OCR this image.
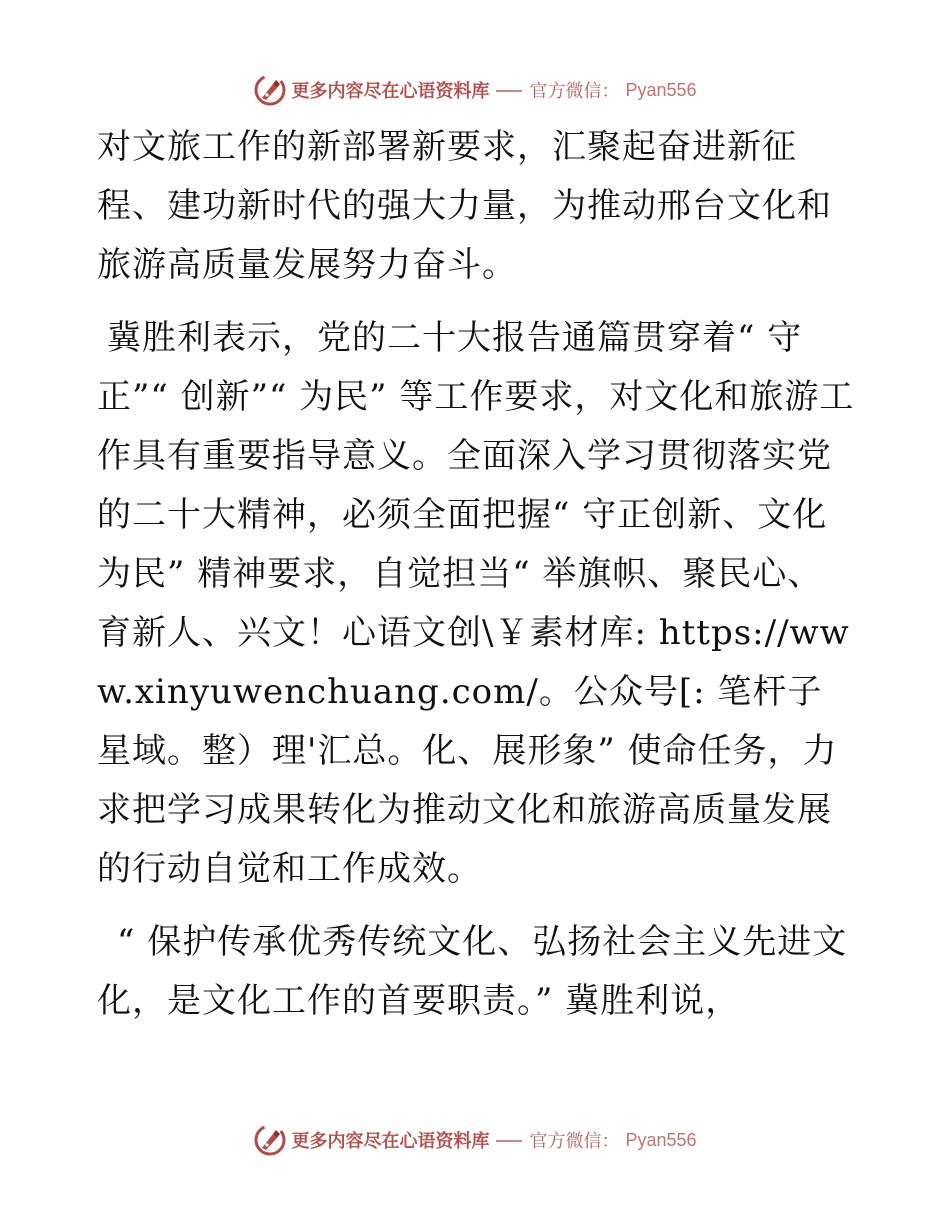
更多内容尽在心语资料库 官方微信： Pyan556

对文旅工作的新部署新要求，汇聚起奋进新征程、建功新时代的强大力量，为推动邢台文化和旅游高质量发展努力奋斗。

冀胜利表示，党的二十大报告通篇贯穿着“ 守正”“ 创新”“ 为民” 等工作要求，对文化和旅游工作具有重要指导意义。全面深入学习贯彻落实党的二十大精神，必须全面把握“ 守正创新、文化为民” 精神要求，自觉担当“ 举旗帜、聚民心、育新人、兴文！心语文创\￥素材库: https://www.xinyuwenchuang.com/。公众号[: 笔杆子星域。整）理'汇总。化、展形象” 使命任务，力求把学习成果转化为推动文化和旅游高质量发展的行动自觉和工作成效。

“ 保护传承优秀传统文化、弘扬社会主义先进文化，是文化工作的首要职责。” 冀胜利说，

更多内容尽在心语资料库 官方微信： Pyan556
